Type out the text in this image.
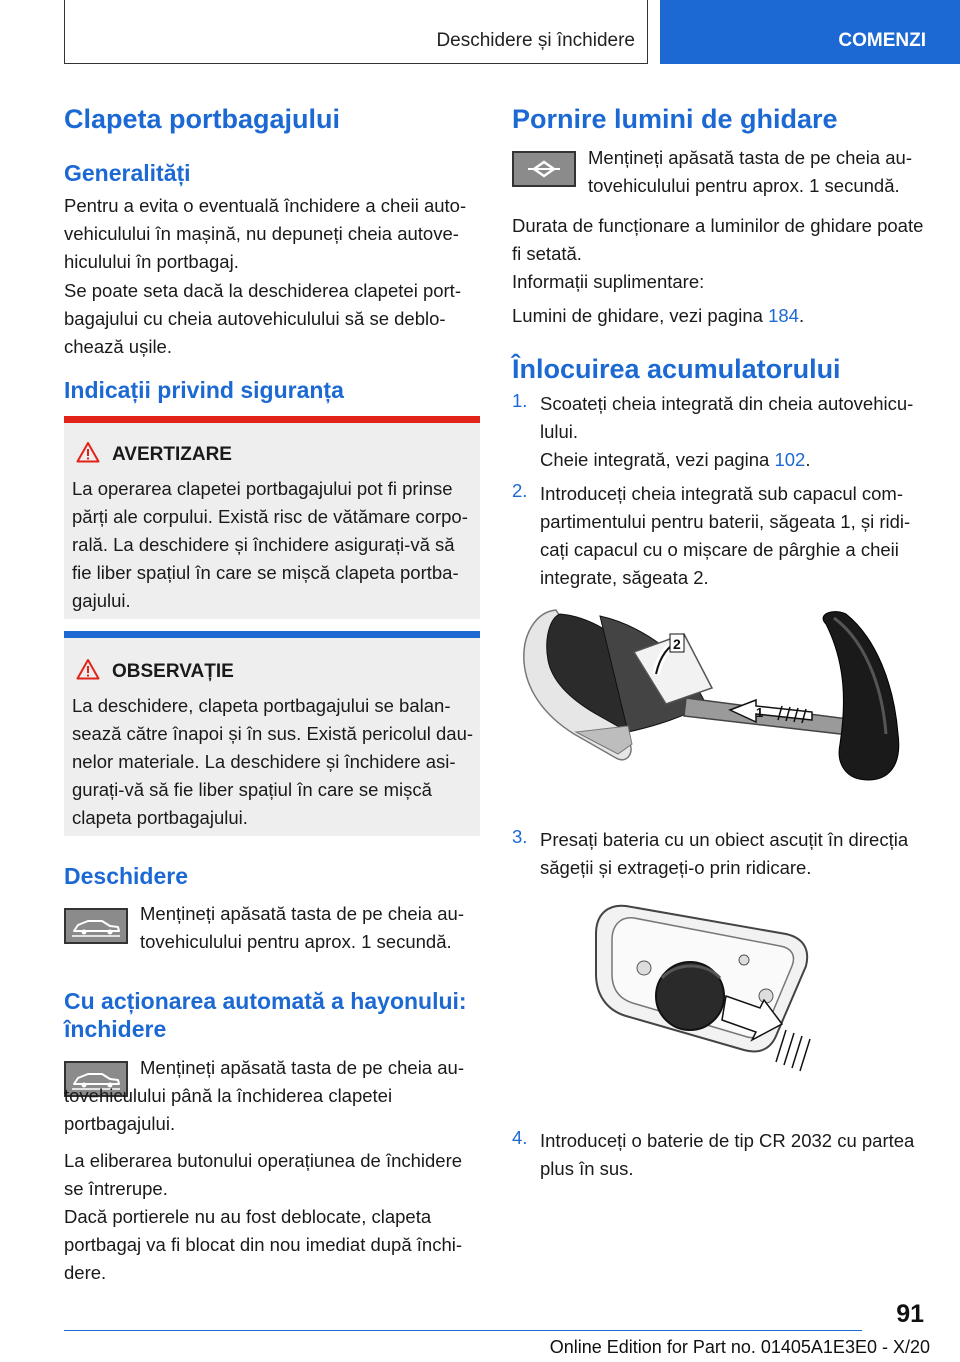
Deschidere și închidere	COMENZI
Clapeta portbagajului
Generalități

Pentru a evita o eventuală închidere a cheii autovehiculului în mașină, nu depuneți cheia autovehiculului în portbagaj.

Se poate seta dacă la deschiderea clapetei portbagajului cu cheia autovehiculului să se deblochează ușile.

Indicații privind siguranța
AVERTIZARE
La operarea clapetei portbagajului pot fi prinse părți ale corpului. Există risc de vătămare corporală. La deschidere și închidere asigurați-vă să fie liber spațiul în care se mișcă clapeta portbagajului.
OBSERVAȚIE
La deschidere, clapeta portbagajului se balansează către înapoi și în sus. Există pericolul daunelor materiale. La deschidere și închidere asigurați-vă să fie liber spațiul în care se mișcă clapeta portbagajului.
Deschidere

Mențineți apăsată tasta de pe cheia autovehiculului pentru aprox. 1 secundă.

Cu acționarea automată a hayonului:
închidere

Mențineți apăsată tasta de pe cheia autovehiculului până la închiderea clapetei portbagajului.

La eliberarea butonului operațiunea de închidere se întrerupe.

Dacă portierele nu au fost deblocate, clapeta portbagaj va fi blocat din nou imediat după închidere.

Pornire lumini de ghidare

Mențineți apăsată tasta de pe cheia autovehiculului pentru aprox. 1 secundă.

Durata de funcționare a luminilor de ghidare poate fi setată.

Informații suplimentare:

Lumini de ghidare, vezi pagina 184.

Înlocuirea acumulatorului
1. Scoateți cheia integrată din cheia autovehiculului.

Cheie integrată, vezi pagina 102.

2. Introduceți cheia integrată sub capacul compartimentului pentru baterii, săgeata 1, și ridicați capacul cu o mișcare de pârghie a cheii integrate, săgeata 2.
2
1
3. Presați bateria cu un obiect ascuțit în direcția săgeții și extrageți-o prin ridicare.
4. Introduceți o baterie de tip CR 2032 cu partea plus în sus.
91
Online Edition for Part no. 01405A1E3E0 - X/20
